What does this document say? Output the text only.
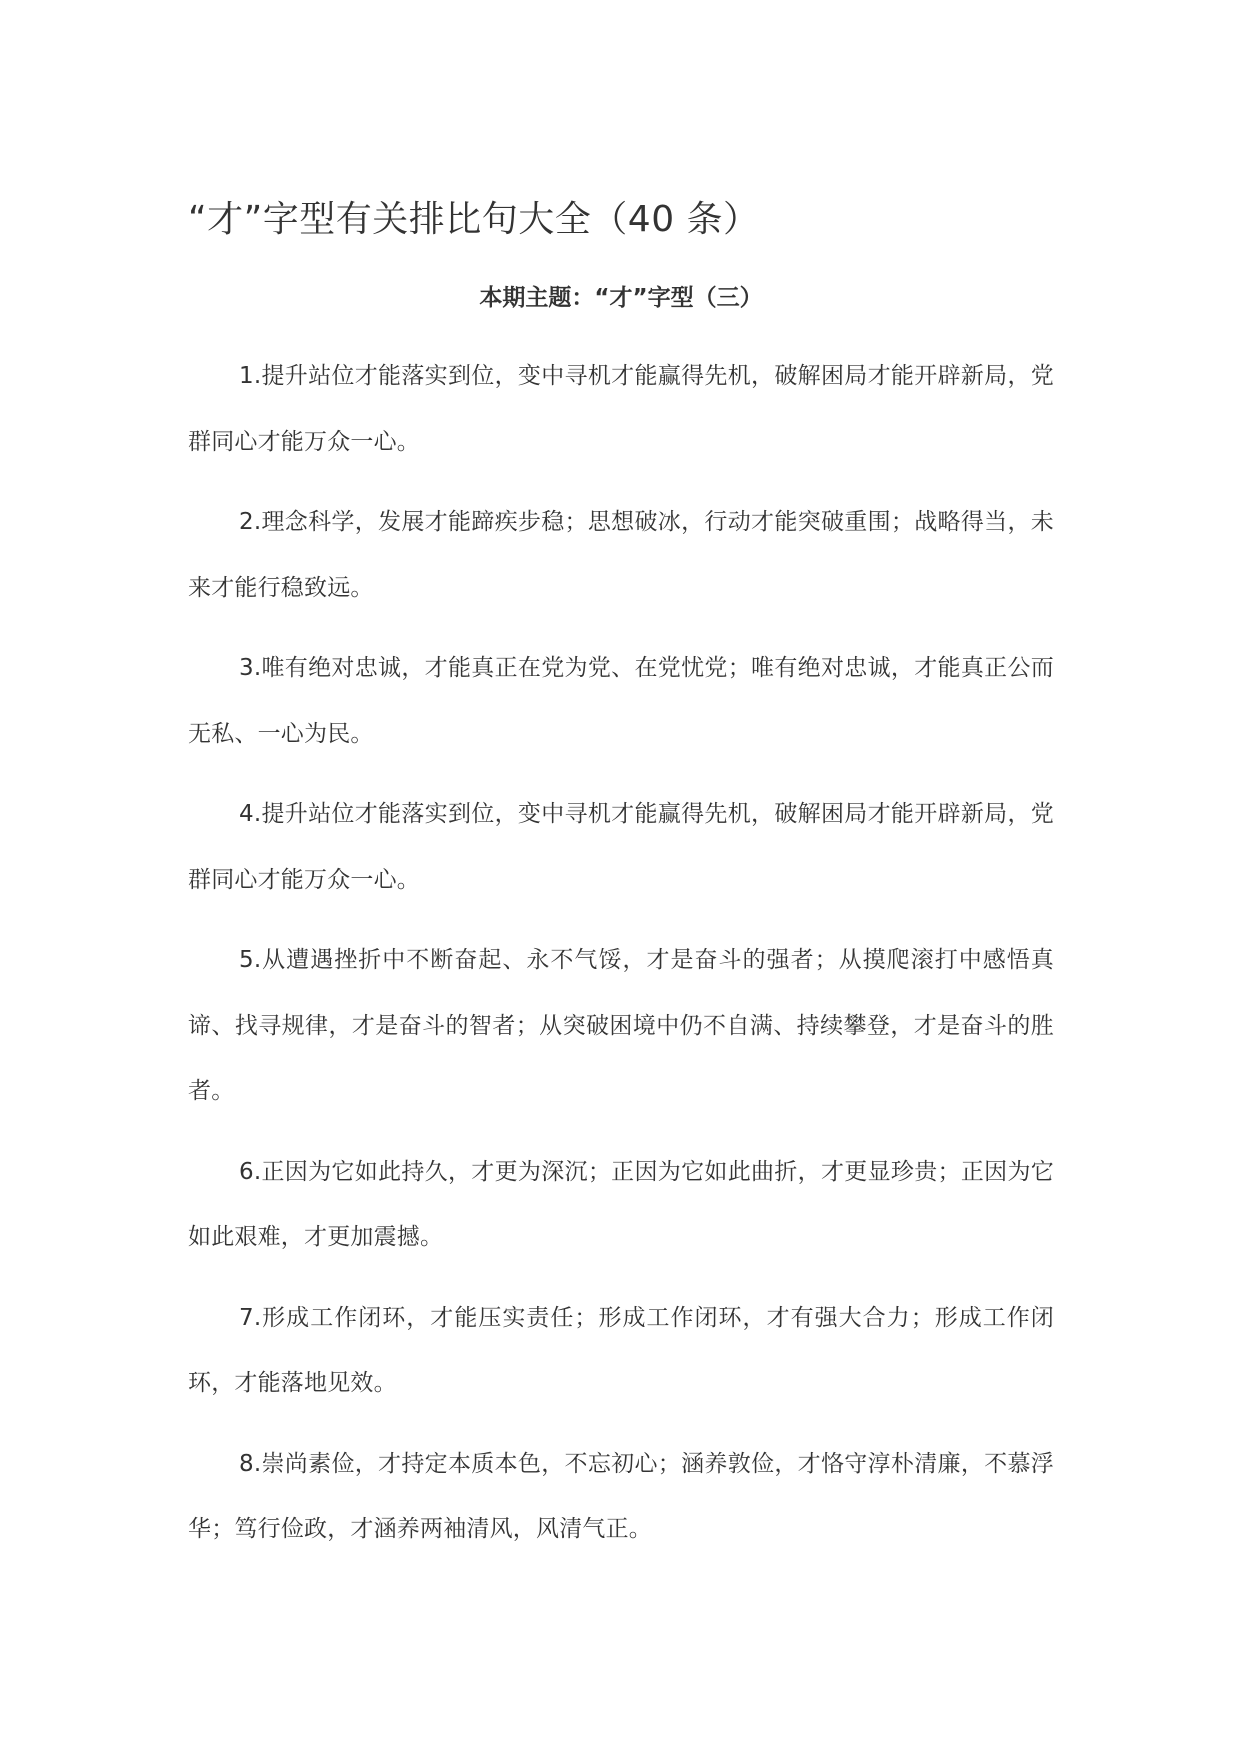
“才”字型有关排比句大全（40 条）

本期主题：“才”字型（三）

1.提升站位才能落实到位，变中寻机才能赢得先机，破解困局才能开辟新局，党群同心才能万众一心。

2.理念科学，发展才能蹄疾步稳；思想破冰，行动才能突破重围；战略得当，未来才能行稳致远。

3.唯有绝对忠诚，才能真正在党为党、在党忧党；唯有绝对忠诚，才能真正公而无私、一心为民。

4.提升站位才能落实到位，变中寻机才能赢得先机，破解困局才能开辟新局，党群同心才能万众一心。

5.从遭遇挫折中不断奋起、永不气馁，才是奋斗的强者；从摸爬滚打中感悟真谛、找寻规律，才是奋斗的智者；从突破困境中仍不自满、持续攀登，才是奋斗的胜者。

6.正因为它如此持久，才更为深沉；正因为它如此曲折，才更显珍贵；正因为它如此艰难，才更加震撼。

7.形成工作闭环，才能压实责任；形成工作闭环，才有强大合力；形成工作闭环，才能落地见效。

8.崇尚素俭，才持定本质本色，不忘初心；涵养敦俭，才恪守淳朴清廉，不慕浮华；笃行俭政，才涵养两袖清风，风清气正。
